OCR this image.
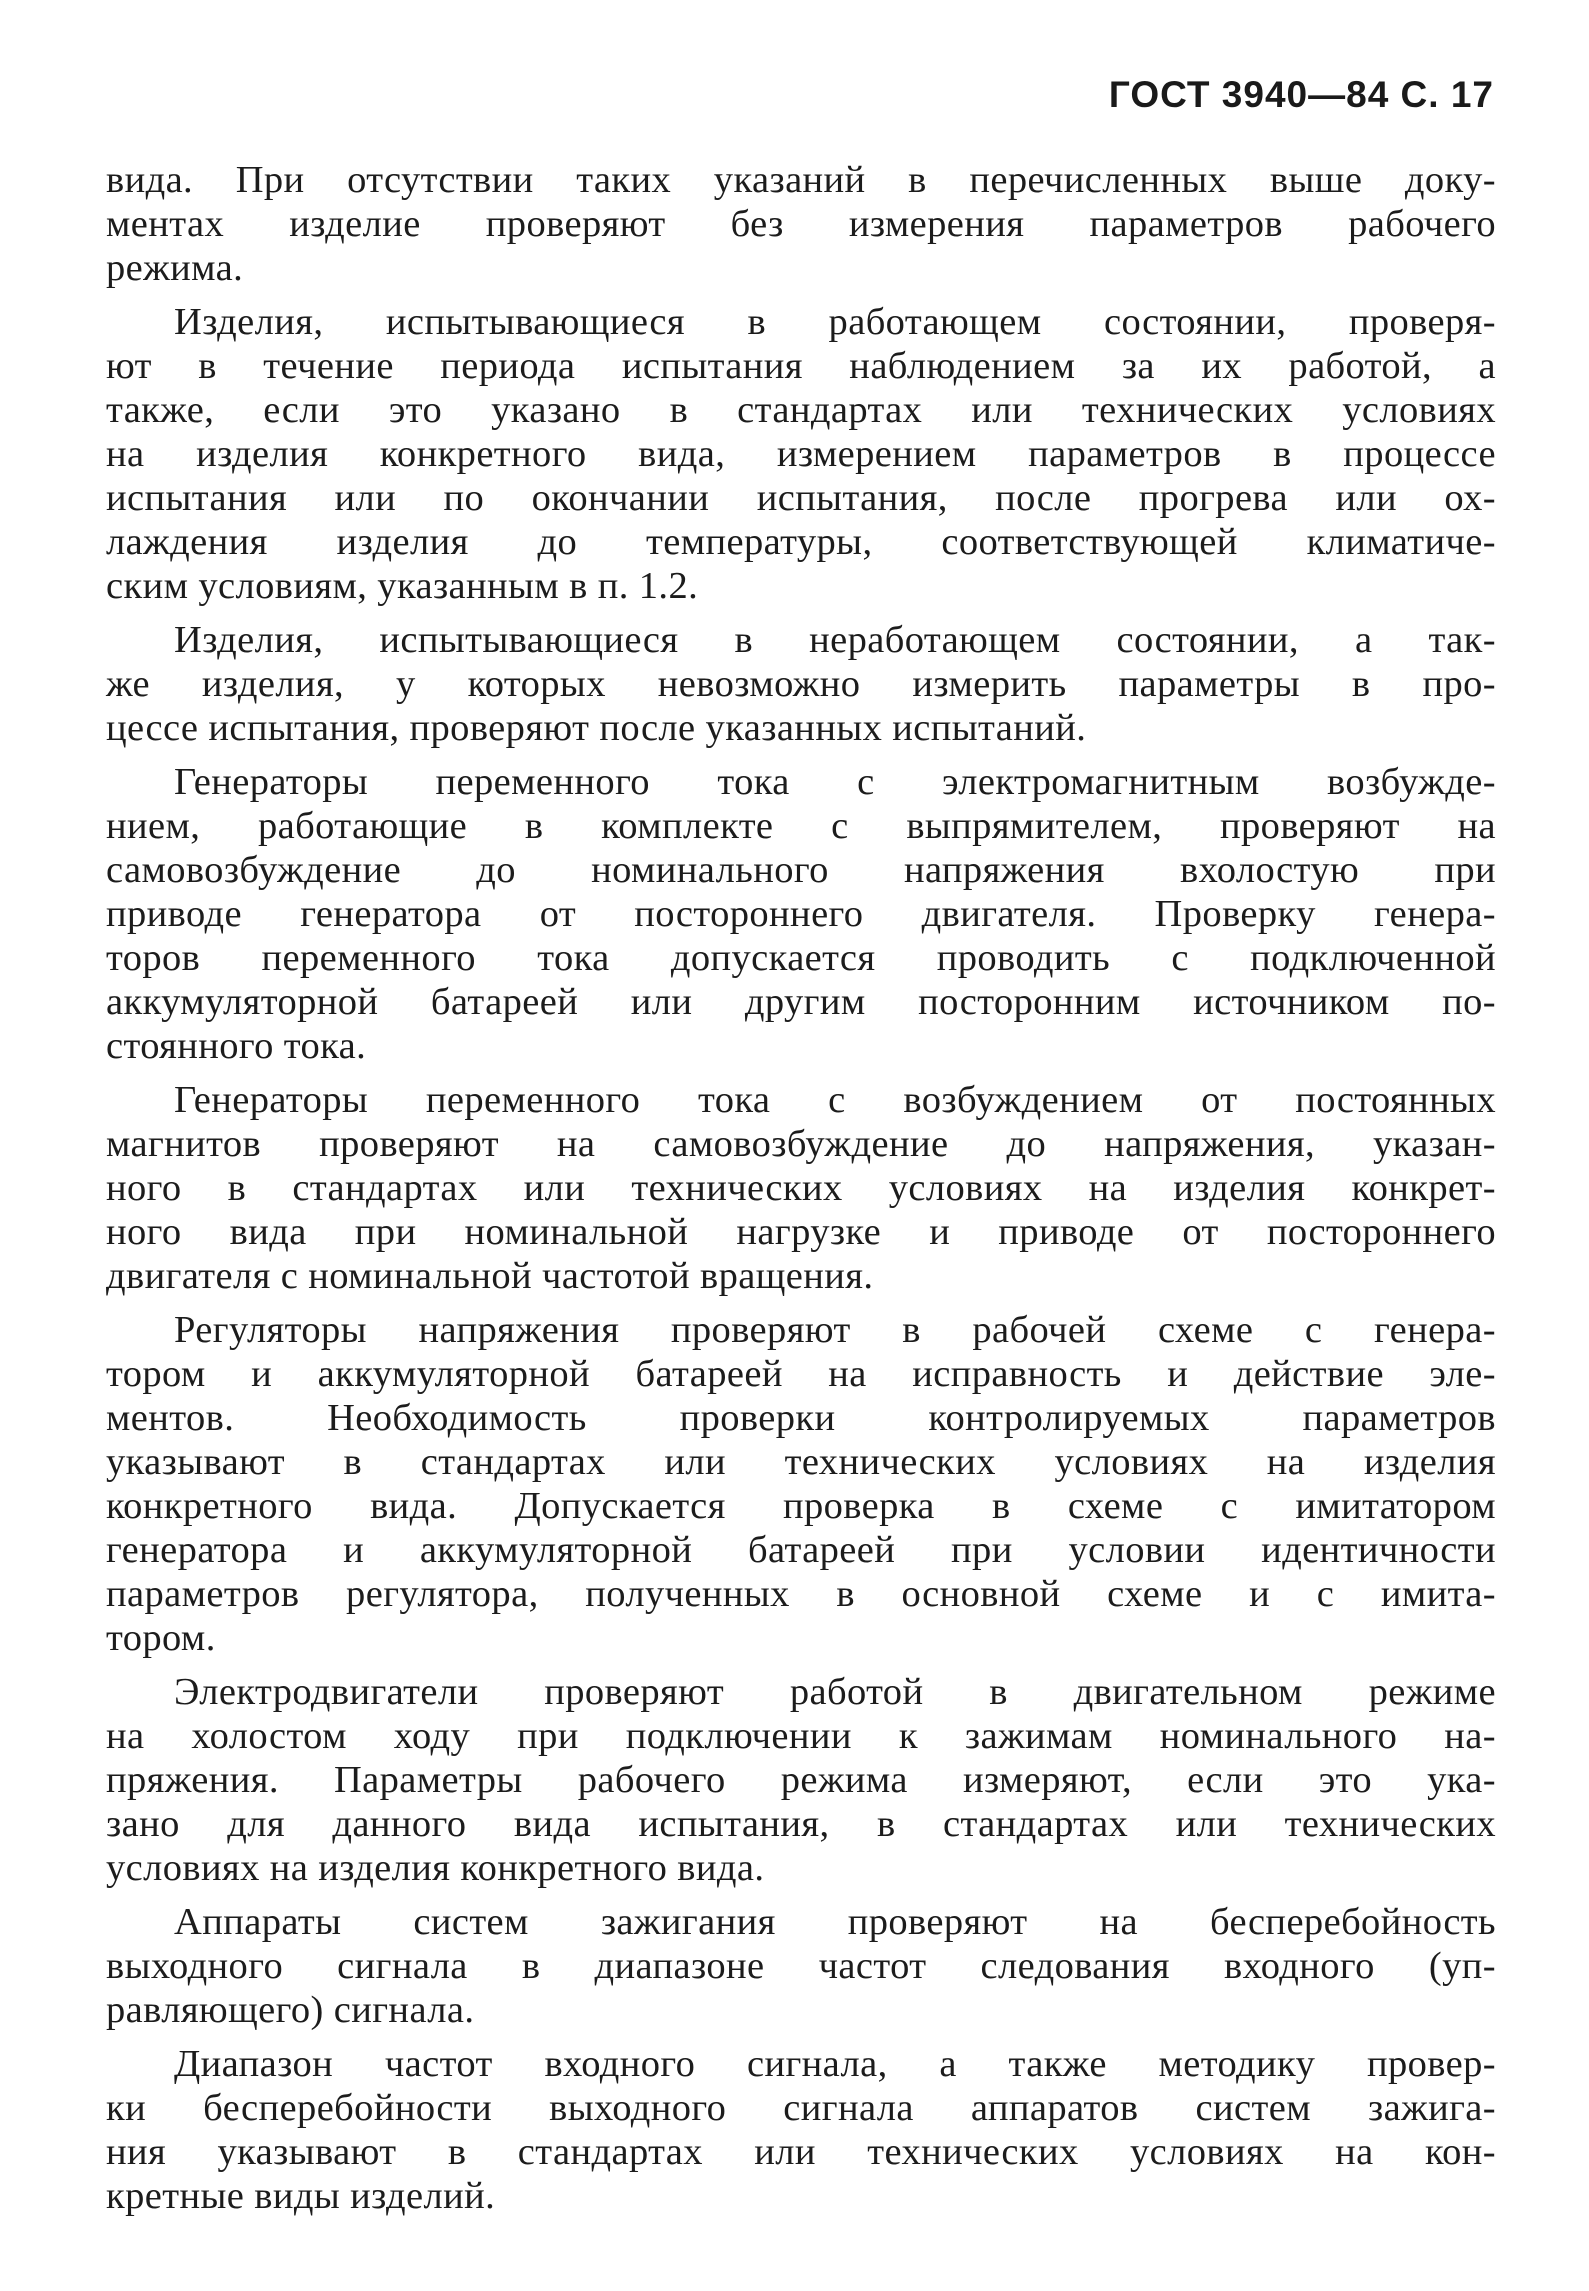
ГОСТ 3940—84 С. 17
вида. При отсутствии таких указаний в перечисленных выше доку-
ментах изделие проверяют без измерения параметров рабочего
режима.
Изделия, испытывающиеся в работающем состоянии, проверя-
ют в течение периода испытания наблюдением за их работой, а
также, если это указано в стандартах или технических условиях
на изделия конкретного вида, измерением параметров в процессе
испытания или по окончании испытания, после прогрева или ох-
лаждения изделия до температуры, соответствующей климатиче-
ским условиям, указанным в п. 1.2.
Изделия, испытывающиеся в неработающем состоянии, а так-
же изделия, у которых невозможно измерить параметры в про-
цессе испытания, проверяют после указанных испытаний.
Генераторы переменного тока с электромагнитным возбужде-
нием, работающие в комплекте с выпрямителем, проверяют на
самовозбуждение до номинального напряжения вхолостую при
приводе генератора от постороннего двигателя. Проверку генера-
торов переменного тока допускается проводить с подключенной
аккумуляторной батареей или другим посторонним источником по-
стоянного тока.
Генераторы переменного тока с возбуждением от постоянных
магнитов проверяют на самовозбуждение до напряжения, указан-
ного в стандартах или технических условиях на изделия конкрет-
ного вида при номинальной нагрузке и приводе от постороннего
двигателя с номинальной частотой вращения.
Регуляторы напряжения проверяют в рабочей схеме с генера-
тором и аккумуляторной батареей на исправность и действие эле-
ментов. Необходимость проверки контролируемых параметров
указывают в стандартах или технических условиях на изделия
конкретного вида. Допускается проверка в схеме с имитатором
генератора и аккумуляторной батареей при условии идентичности
параметров регулятора, полученных в основной схеме и с имита-
тором.
Электродвигатели проверяют работой в двигательном режиме
на холостом ходу при подключении к зажимам номинального на-
пряжения. Параметры рабочего режима измеряют, если это ука-
зано для данного вида испытания, в стандартах или технических
условиях на изделия конкретного вида.
Аппараты систем зажигания проверяют на бесперебойность
выходного сигнала в диапазоне частот следования входного (уп-
равляющего) сигнала.
Диапазон частот входного сигнала, а также методику провер-
ки бесперебойности выходного сигнала аппаратов систем зажига-
ния указывают в стандартах или технических условиях на кон-
кретные виды изделий.
